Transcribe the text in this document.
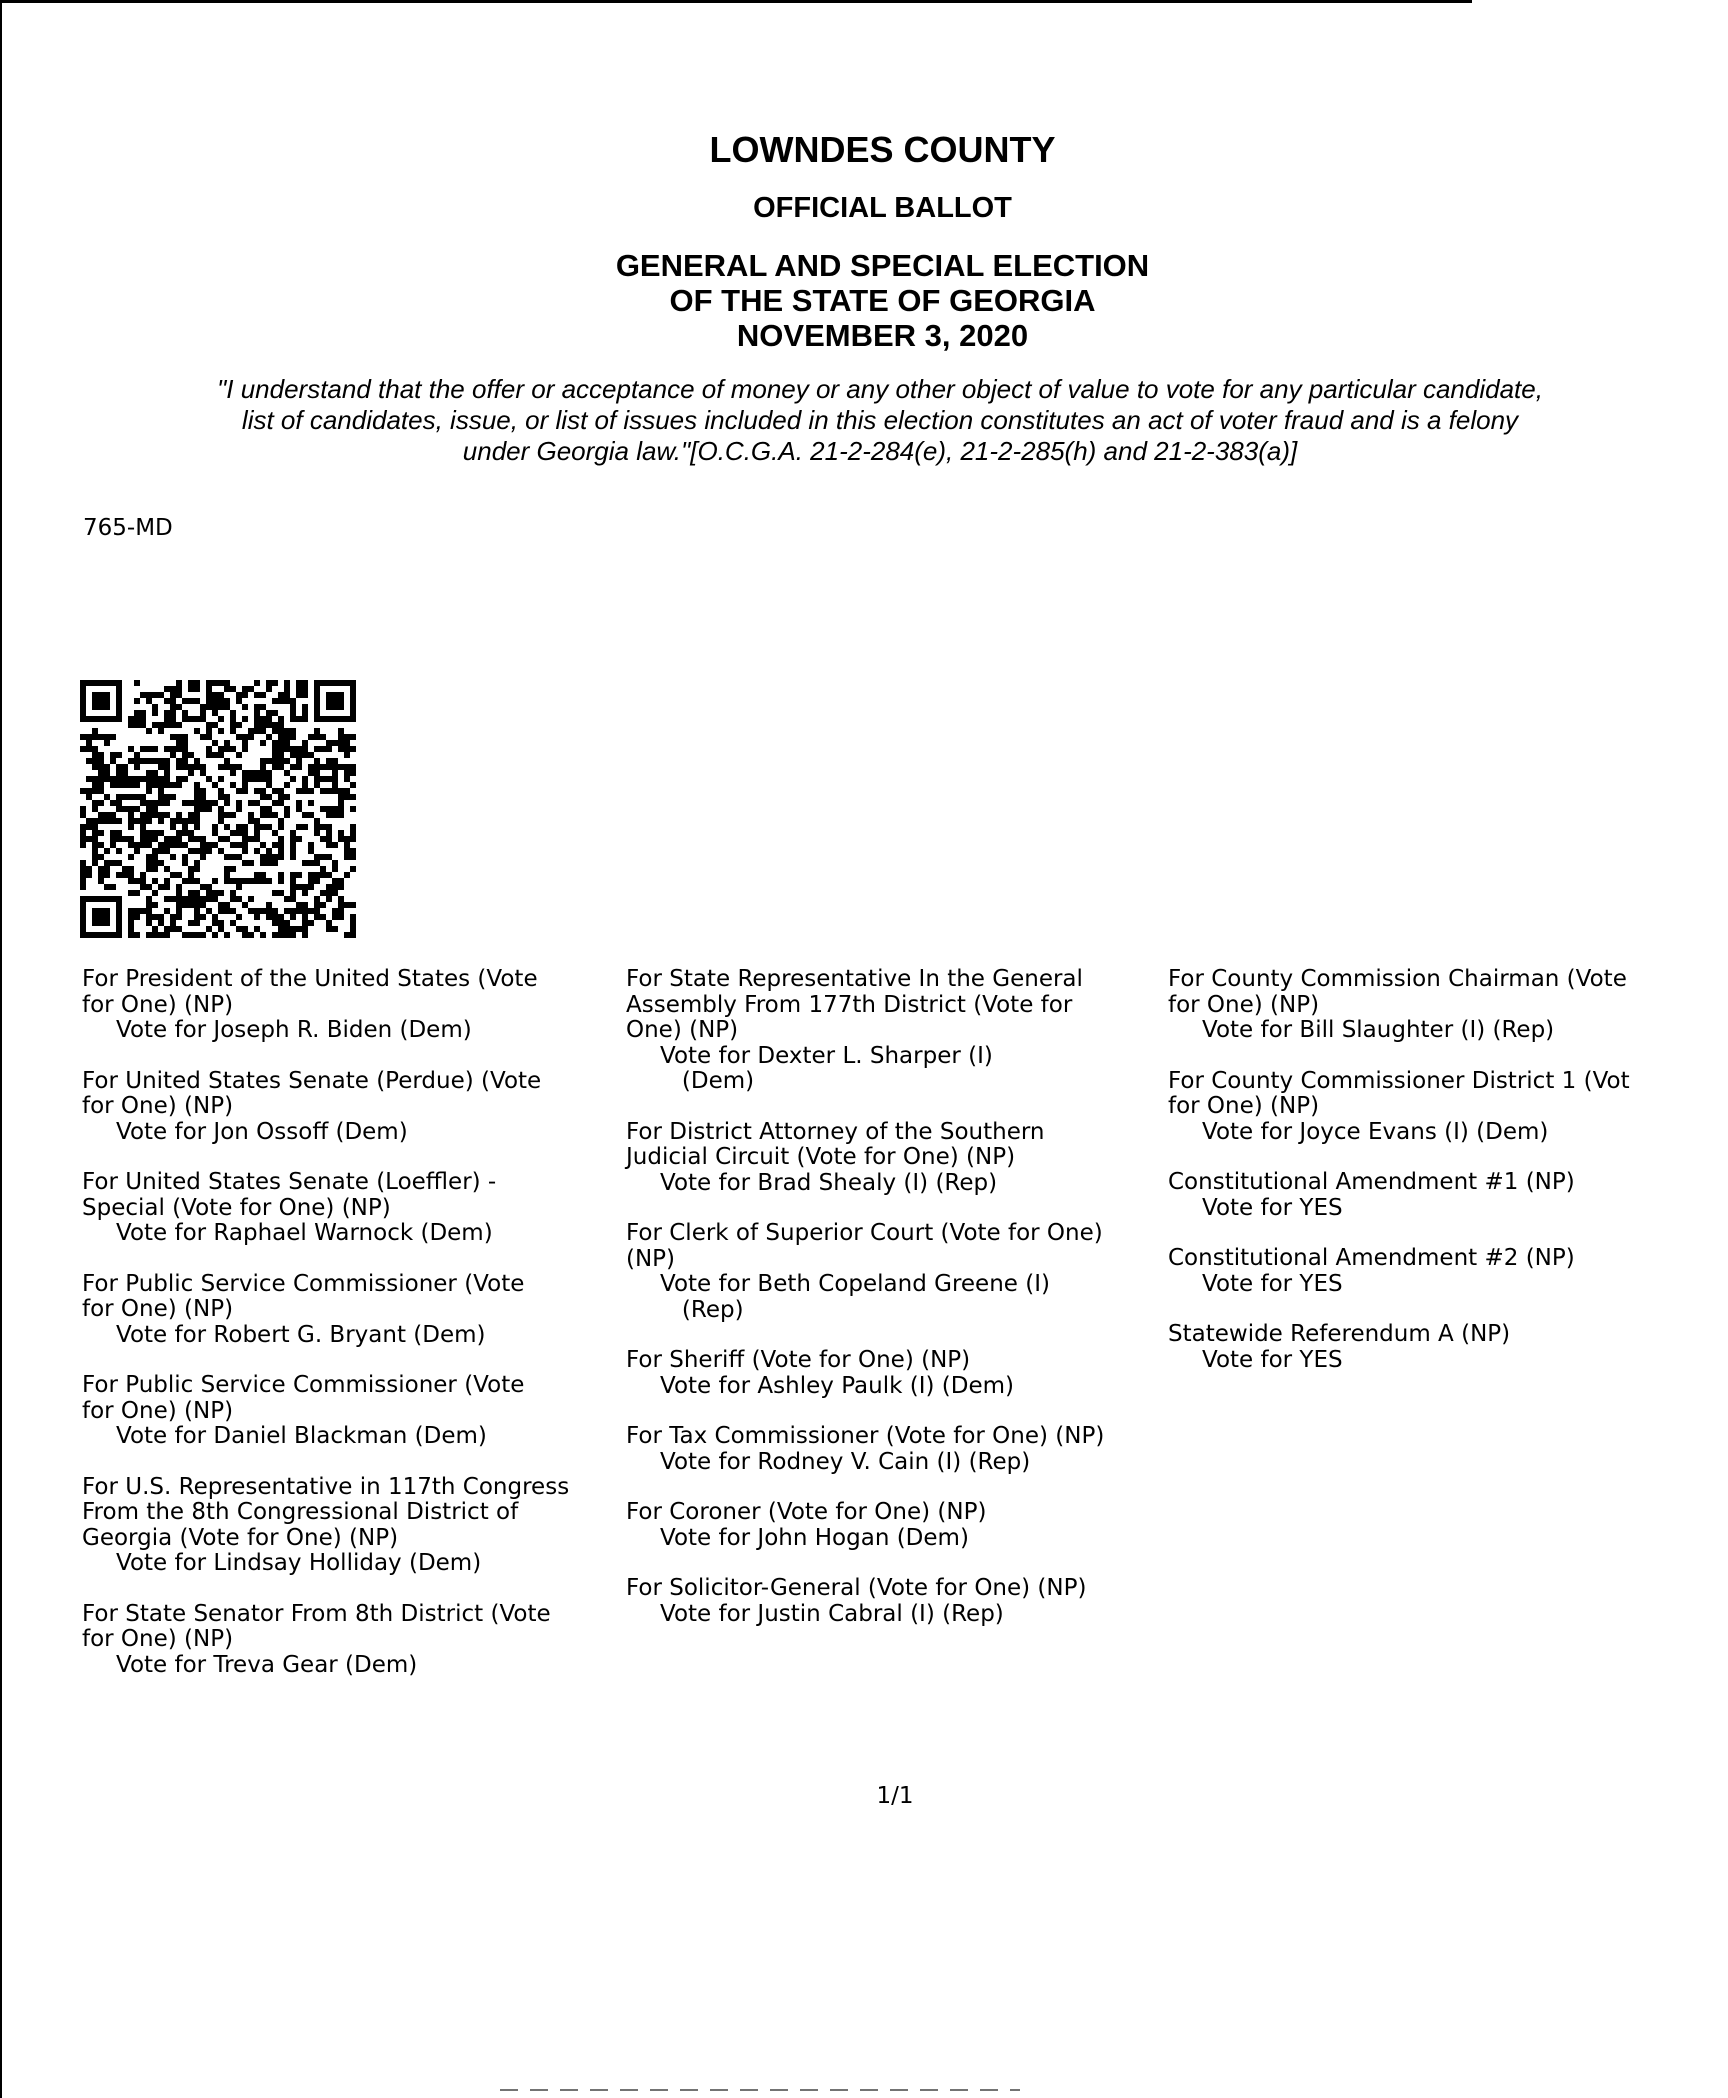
LOWNDES COUNTY
OFFICIAL BALLOT
GENERAL AND SPECIAL ELECTION
OF THE STATE OF GEORGIA
NOVEMBER 3, 2020
"I understand that the offer or acceptance of money or any other object of value to vote for any particular candidate,
list of candidates, issue, or list of issues included in this election constitutes an act of voter fraud and is a felony
under Georgia law."[O.C.G.A. 21-2-284(e), 21-2-285(h) and 21-2-383(a)]
765-MD
For President of the United States (Vote
for One) (NP)
Vote for Joseph R. Biden (Dem)
For United States Senate (Perdue) (Vote
for One) (NP)
Vote for Jon Ossoff (Dem)
For United States Senate (Loeffler) -
Special (Vote for One) (NP)
Vote for Raphael Warnock (Dem)
For Public Service Commissioner (Vote
for One) (NP)
Vote for Robert G. Bryant (Dem)
For Public Service Commissioner (Vote
for One) (NP)
Vote for Daniel Blackman (Dem)
For U.S. Representative in 117th Congress
From the 8th Congressional District of
Georgia (Vote for One) (NP)
Vote for Lindsay Holliday (Dem)
For State Senator From 8th District (Vote
for One) (NP)
Vote for Treva Gear (Dem)
For State Representative In the General
Assembly From 177th District (Vote for
One) (NP)
Vote for Dexter L. Sharper (I)
(Dem)
For District Attorney of the Southern
Judicial Circuit (Vote for One) (NP)
Vote for Brad Shealy (I) (Rep)
For Clerk of Superior Court (Vote for One)
(NP)
Vote for Beth Copeland Greene (I)
(Rep)
For Sheriff (Vote for One) (NP)
Vote for Ashley Paulk (I) (Dem)
For Tax Commissioner (Vote for One) (NP)
Vote for Rodney V. Cain (I) (Rep)
For Coroner (Vote for One) (NP)
Vote for John Hogan (Dem)
For Solicitor-General (Vote for One) (NP)
Vote for Justin Cabral (I) (Rep)
For County Commission Chairman (Vote
for One) (NP)
Vote for Bill Slaughter (I) (Rep)
For County Commissioner District 1 (Vot
for One) (NP)
Vote for Joyce Evans (I) (Dem)
Constitutional Amendment #1 (NP)
Vote for YES
Constitutional Amendment #2 (NP)
Vote for YES
Statewide Referendum A (NP)
Vote for YES
1/1
